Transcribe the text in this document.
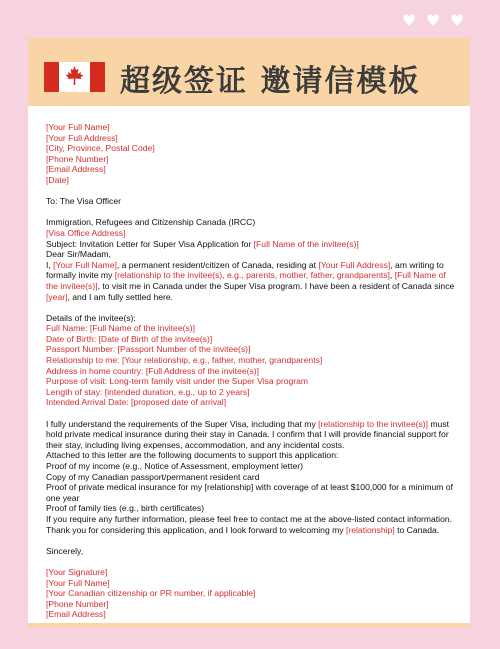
♥ ♥ ♥
超级签证 邀请信模板

[Your Full Name]

[Your Full Address]

[City, Province, Postal Code]

[Phone Number]

[Email Address]

[Date]

To: The Visa Officer

Immigration, Refugees and Citizenship Canada (IRCC)

[Visa Office Address]

Subject: Invitation Letter for Super Visa Application for [Full Name of the invitee(s)]

Dear Sir/Madam,

I, [Your Full Name], a permanent resident/citizen of Canada, residing at [Your Full Address], am writing to formally invite my [relationship to the invitee(s), e.g., parents, mother, father, grandparents], [Full Name of the invitee(s)], to visit me in Canada under the Super Visa program. I have been a resident of Canada since [year], and I am fully settled here.

Details of the invitee(s):

Full Name: [Full Name of the invitee(s)]

Date of Birth: [Date of Birth of the invitee(s)]

Passport Number: [Passport Number of the invitee(s)]

Relationship to me: [Your relationship, e.g., father, mother, grandparents]

Address in home country: [Full Address of the invitee(s)]

Purpose of visit: Long-term family visit under the Super Visa program

Length of stay: [intended duration, e.g., up to 2 years]

Intended Arrival Date: [proposed date of arrival]

I fully understand the requirements of the Super Visa, including that my [relationship to the invitee(s)] must hold private medical insurance during their stay in Canada. I confirm that I will provide financial support for their stay, including living expenses, accommodation, and any incidental costs.

Attached to this letter are the following documents to support this application:

Proof of my income (e.g., Notice of Assessment, employment letter)

Copy of my Canadian passport/permanent resident card

Proof of private medical insurance for my [relationship] with coverage of at least $100,000 for a minimum of one year

Proof of family ties (e.g., birth certificates)

If you require any further information, please feel free to contact me at the above-listed contact information.

Thank you for considering this application, and I look forward to welcoming my [relationship] to Canada.

Sincerely,

[Your Signature]

[Your Full Name]

[Your Canadian citizenship or PR number, if applicable]

[Phone Number]

[Email Address]
